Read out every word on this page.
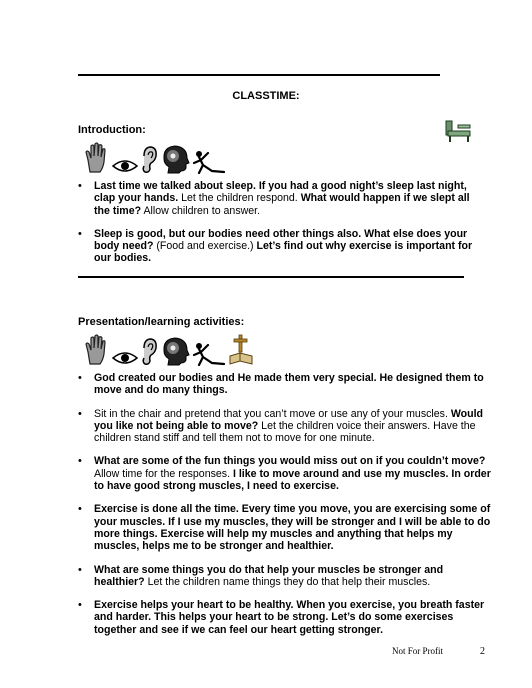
CLASSTIME:
Introduction:
• Last time we talked about sleep. If you had a good night’s sleep last night, clap your hands. Let the children respond. What would happen if we slept all the time? Allow children to answer.
• Sleep is good, but our bodies need other things also. What else does your body need? (Food and exercise.) Let’s find out why exercise is important for our bodies.
Presentation/learning activities:
• God created our bodies and He made them very special. He designed them to move and do many things.
• Sit in the chair and pretend that you can’t move or use any of your muscles. Would you like not being able to move? Let the children voice their answers. Have the children stand stiff and tell them not to move for one minute.
• What are some of the fun things you would miss out on if you couldn’t move? Allow time for the responses. I like to move around and use my muscles. In order to have good strong muscles, I need to exercise.
• Exercise is done all the time. Every time you move, you are exercising some of your muscles. If I use my muscles, they will be stronger and I will be able to do more things. Exercise will help my muscles and anything that helps my muscles, helps me to be stronger and healthier.
• What are some things you do that help your muscles be stronger and healthier? Let the children name things they do that help their muscles.
• Exercise helps your heart to be healthy. When you exercise, you breath faster and harder. This helps your heart to be strong. Let’s do some exercises together and see if we can feel our heart getting stronger.
Not For Profit	2
